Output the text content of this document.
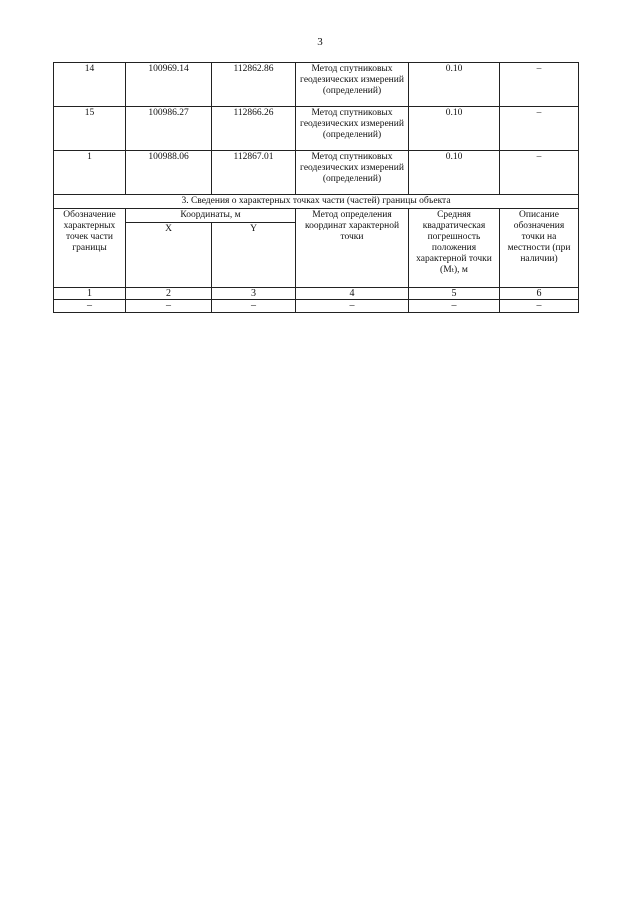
3
14	100969.14	112862.86	Метод спутниковых геодезических измерений (определений)	0.10	–
15	100986.27	112866.26	Метод спутниковых геодезических измерений (определений)	0.10	–
1	100988.06	112867.01	Метод спутниковых геодезических измерений (определений)	0.10	–
3. Сведения о характерных точках части (частей) границы объекта					
Обозначение характерных точек части границы	Координаты, м		Метод определения координат характерной точки	Средняя квадратическая погрешность положения характерной точки (Mₜ), м	Описание обозначения точки на местности (при наличии)
	X	Y			
1	2	3	4	5	6
–	–	–	–	–	–
